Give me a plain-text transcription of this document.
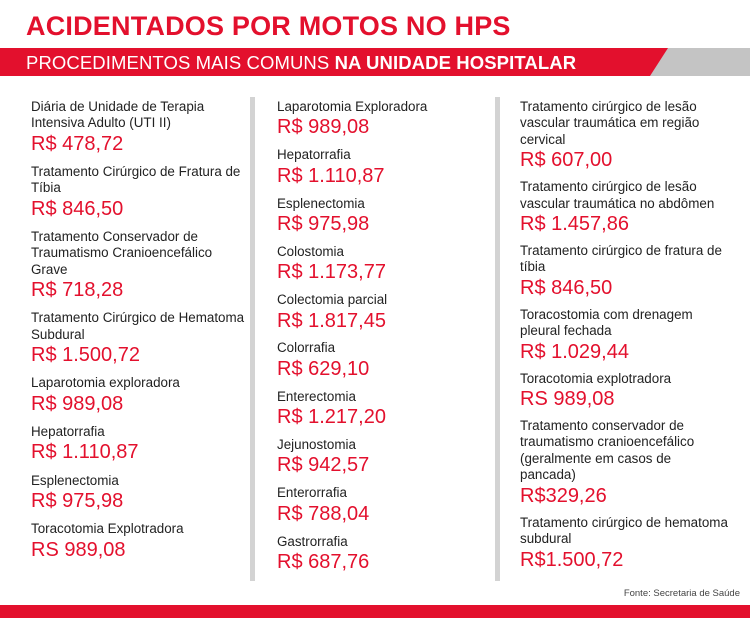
ACIDENTADOS POR MOTOS NO HPS
PROCEDIMENTOS MAIS COMUNS NA UNIDADE HOSPITALAR
Diária de Unidade de Terapia Intensiva Adulto (UTI II)
R$ 478,72
Tratamento Cirúrgico de Fratura de Tíbia
R$ 846,50
Tratamento Conservador de Traumatismo Cranioencefálico Grave
R$ 718,28
Tratamento Cirúrgico de Hematoma Subdural
R$ 1.500,72
Laparotomia exploradora
R$ 989,08
Hepatorrafia
R$ 1.110,87
Esplenectomia
R$ 975,98
Toracotomia Explotradora
RS 989,08
Laparotomia Exploradora
R$ 989,08
Hepatorrafia
R$ 1.110,87
Esplenectomia
R$ 975,98
Colostomia
R$ 1.173,77
Colectomia parcial
R$ 1.817,45
Colorrafia
R$ 629,10
Enterectomia
R$ 1.217,20
Jejunostomia
R$ 942,57
Enterorrafia
R$ 788,04
Gastrorrafia
R$ 687,76
Tratamento cirúrgico de lesão vascular traumática em região cervical
R$ 607,00
Tratamento cirúrgico de lesão vascular traumática no abdômen
R$ 1.457,86
Tratamento cirúrgico de fratura de tíbia
R$ 846,50
Toracostomia com drenagem pleural fechada
R$ 1.029,44
Toracotomia explotradora
RS 989,08
Tratamento conservador de traumatismo cranioencefálico (geralmente em casos de pancada)
R$329,26
Tratamento cirúrgico de hematoma subdural
R$1.500,72
Fonte: Secretaria de Saúde
